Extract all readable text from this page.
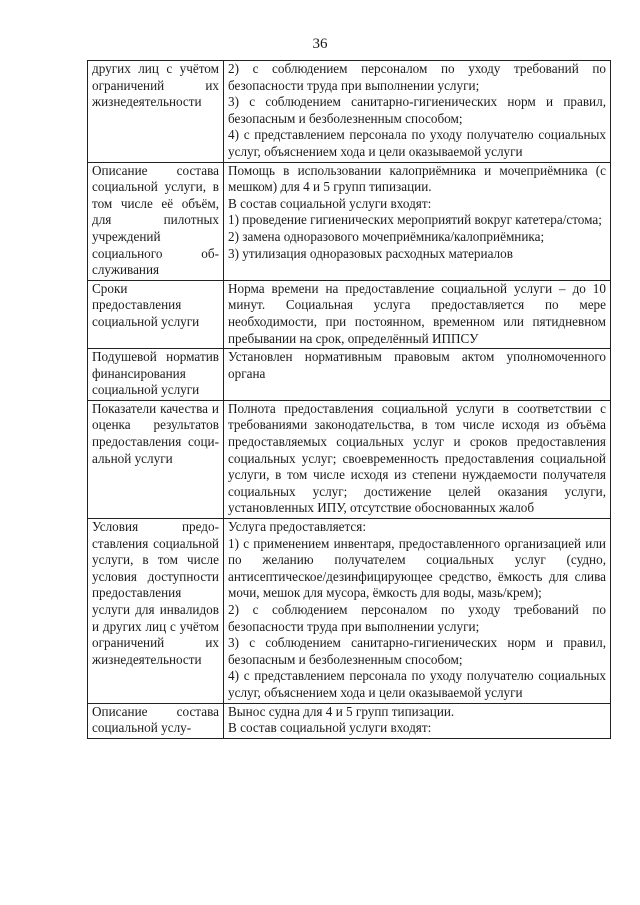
36
других лиц с учётом ограничений их жизнедеятельности	2) с соблюдением персоналом по уходу требований по безопасности труда при выполнении услуги;
3) с соблюдением санитарно-гигиенических норм и правил, безопасным и безболезненным способом;
4) с представлением персонала по уходу получателю социальных услуг, объяснением хода и цели оказываемой услуги

Описание состава социальной услуги, в том числе её объём, для пилотных учреждений социального обслуживания	Помощь в использовании калоприёмника и мочеприёмника (с мешком) для 4 и 5 групп типизации.
В состав социальной услуги входят:
1) проведение гигиенических мероприятий вокруг катетера/стома;
2) замена одноразового мочеприёмника/калоприёмника;
3) утилизация одноразовых расходных материалов

Сроки предоставления социальной услуги	Норма времени на предоставление социальной услуги – до 10 минут. Социальная услуга предоставляется по мере необходимости, при постоянном, временном или пятидневном пребывании на срок, определённый ИППСУ

Подушевой норматив финансирования социальной услуги	Установлен нормативным правовым актом уполномоченного органа

Показатели качества и оценка результатов предоставления социальной услуги	Полнота предоставления социальной услуги в соответствии с требованиями законодательства, в том числе исходя из объёма предоставляемых социальных услуг и сроков предоставления социальных услуг; своевременность предоставления социальной услуги, в том числе исходя из степени нуждаемости получателя социальных услуг; достижение целей оказания услуги, установленных ИПУ, отсутствие обоснованных жалоб

Условия предоставления социальной услуги, в том числе условия доступности предоставления услуги для инвалидов и других лиц с учётом ограничений их жизнедеятельности	Услуга предоставляется:
1) с применением инвентаря, предоставленного организацией или по желанию получателем социальных услуг (судно, антисептическое/дезинфицирующее средство, ёмкость для слива мочи, мешок для мусора, ёмкость для воды, мазь/крем);
2) с соблюдением персоналом по уходу требований по безопасности труда при выполнении услуги;
3) с соблюдением санитарно-гигиенических норм и правил, безопасным и безболезненным способом;
4) с представлением персонала по уходу получателю социальных услуг, объяснением хода и цели оказываемой услуги

Описание состава социальной услу-	Вынос судна для 4 и 5 групп типизации.
В состав социальной услуги входят:
